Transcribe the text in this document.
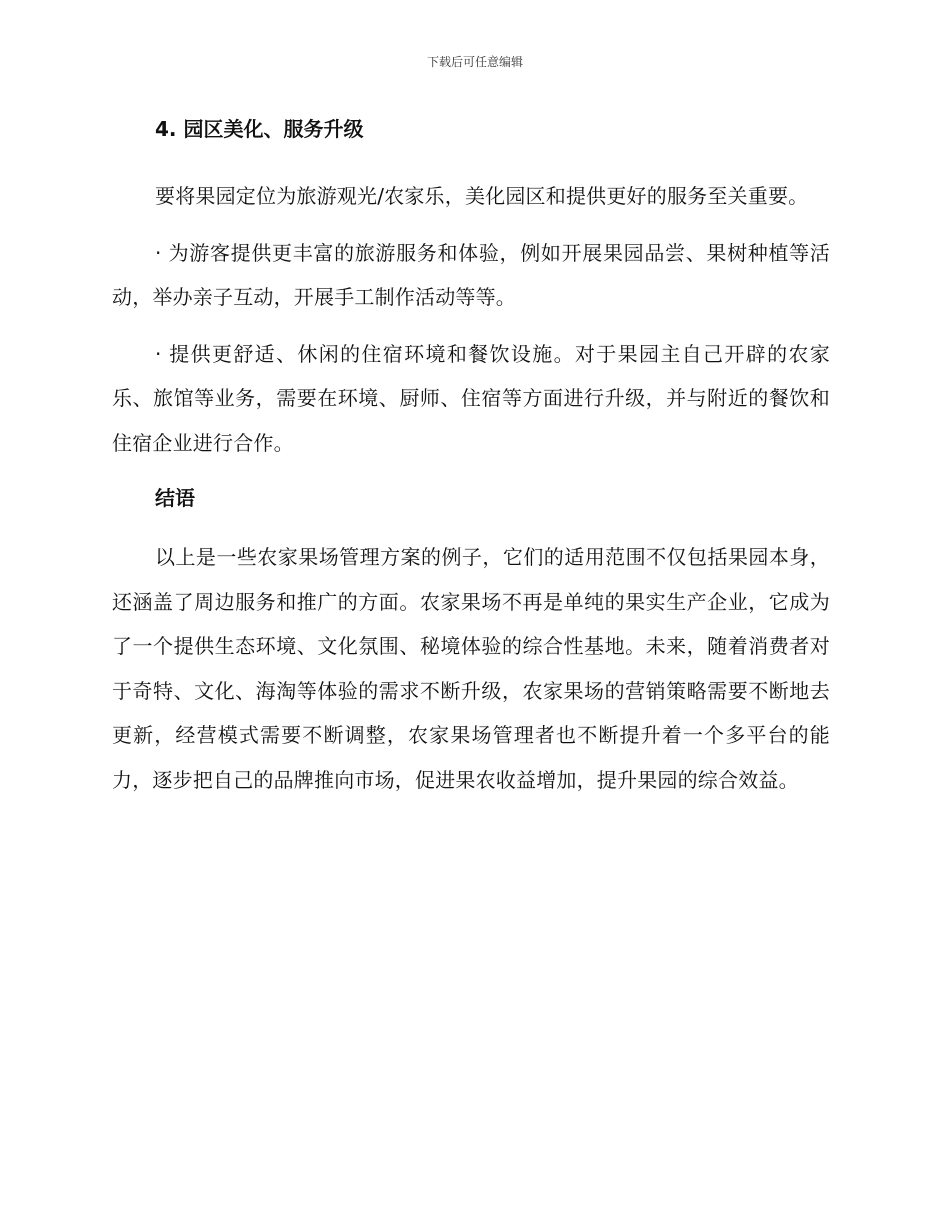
下载后可任意编辑
4. 园区美化、服务升级

要将果园定位为旅游观光/农家乐，美化园区和提供更好的服务至关重要。

· 为游客提供更丰富的旅游服务和体验，例如开展果园品尝、果树种植等活动，举办亲子互动，开展手工制作活动等等。

· 提供更舒适、休闲的住宿环境和餐饮设施。对于果园主自己开辟的农家乐、旅馆等业务，需要在环境、厨师、住宿等方面进行升级，并与附近的餐饮和住宿企业进行合作。

结语

以上是一些农家果场管理方案的例子，它们的适用范围不仅包括果园本身，还涵盖了周边服务和推广的方面。农家果场不再是单纯的果实生产企业，它成为了一个提供生态环境、文化氛围、秘境体验的综合性基地。未来，随着消费者对于奇特、文化、海淘等体验的需求不断升级，农家果场的营销策略需要不断地去更新，经营模式需要不断调整，农家果场管理者也不断提升着一个多平台的能力，逐步把自己的品牌推向市场，促进果农收益增加，提升果园的综合效益。
